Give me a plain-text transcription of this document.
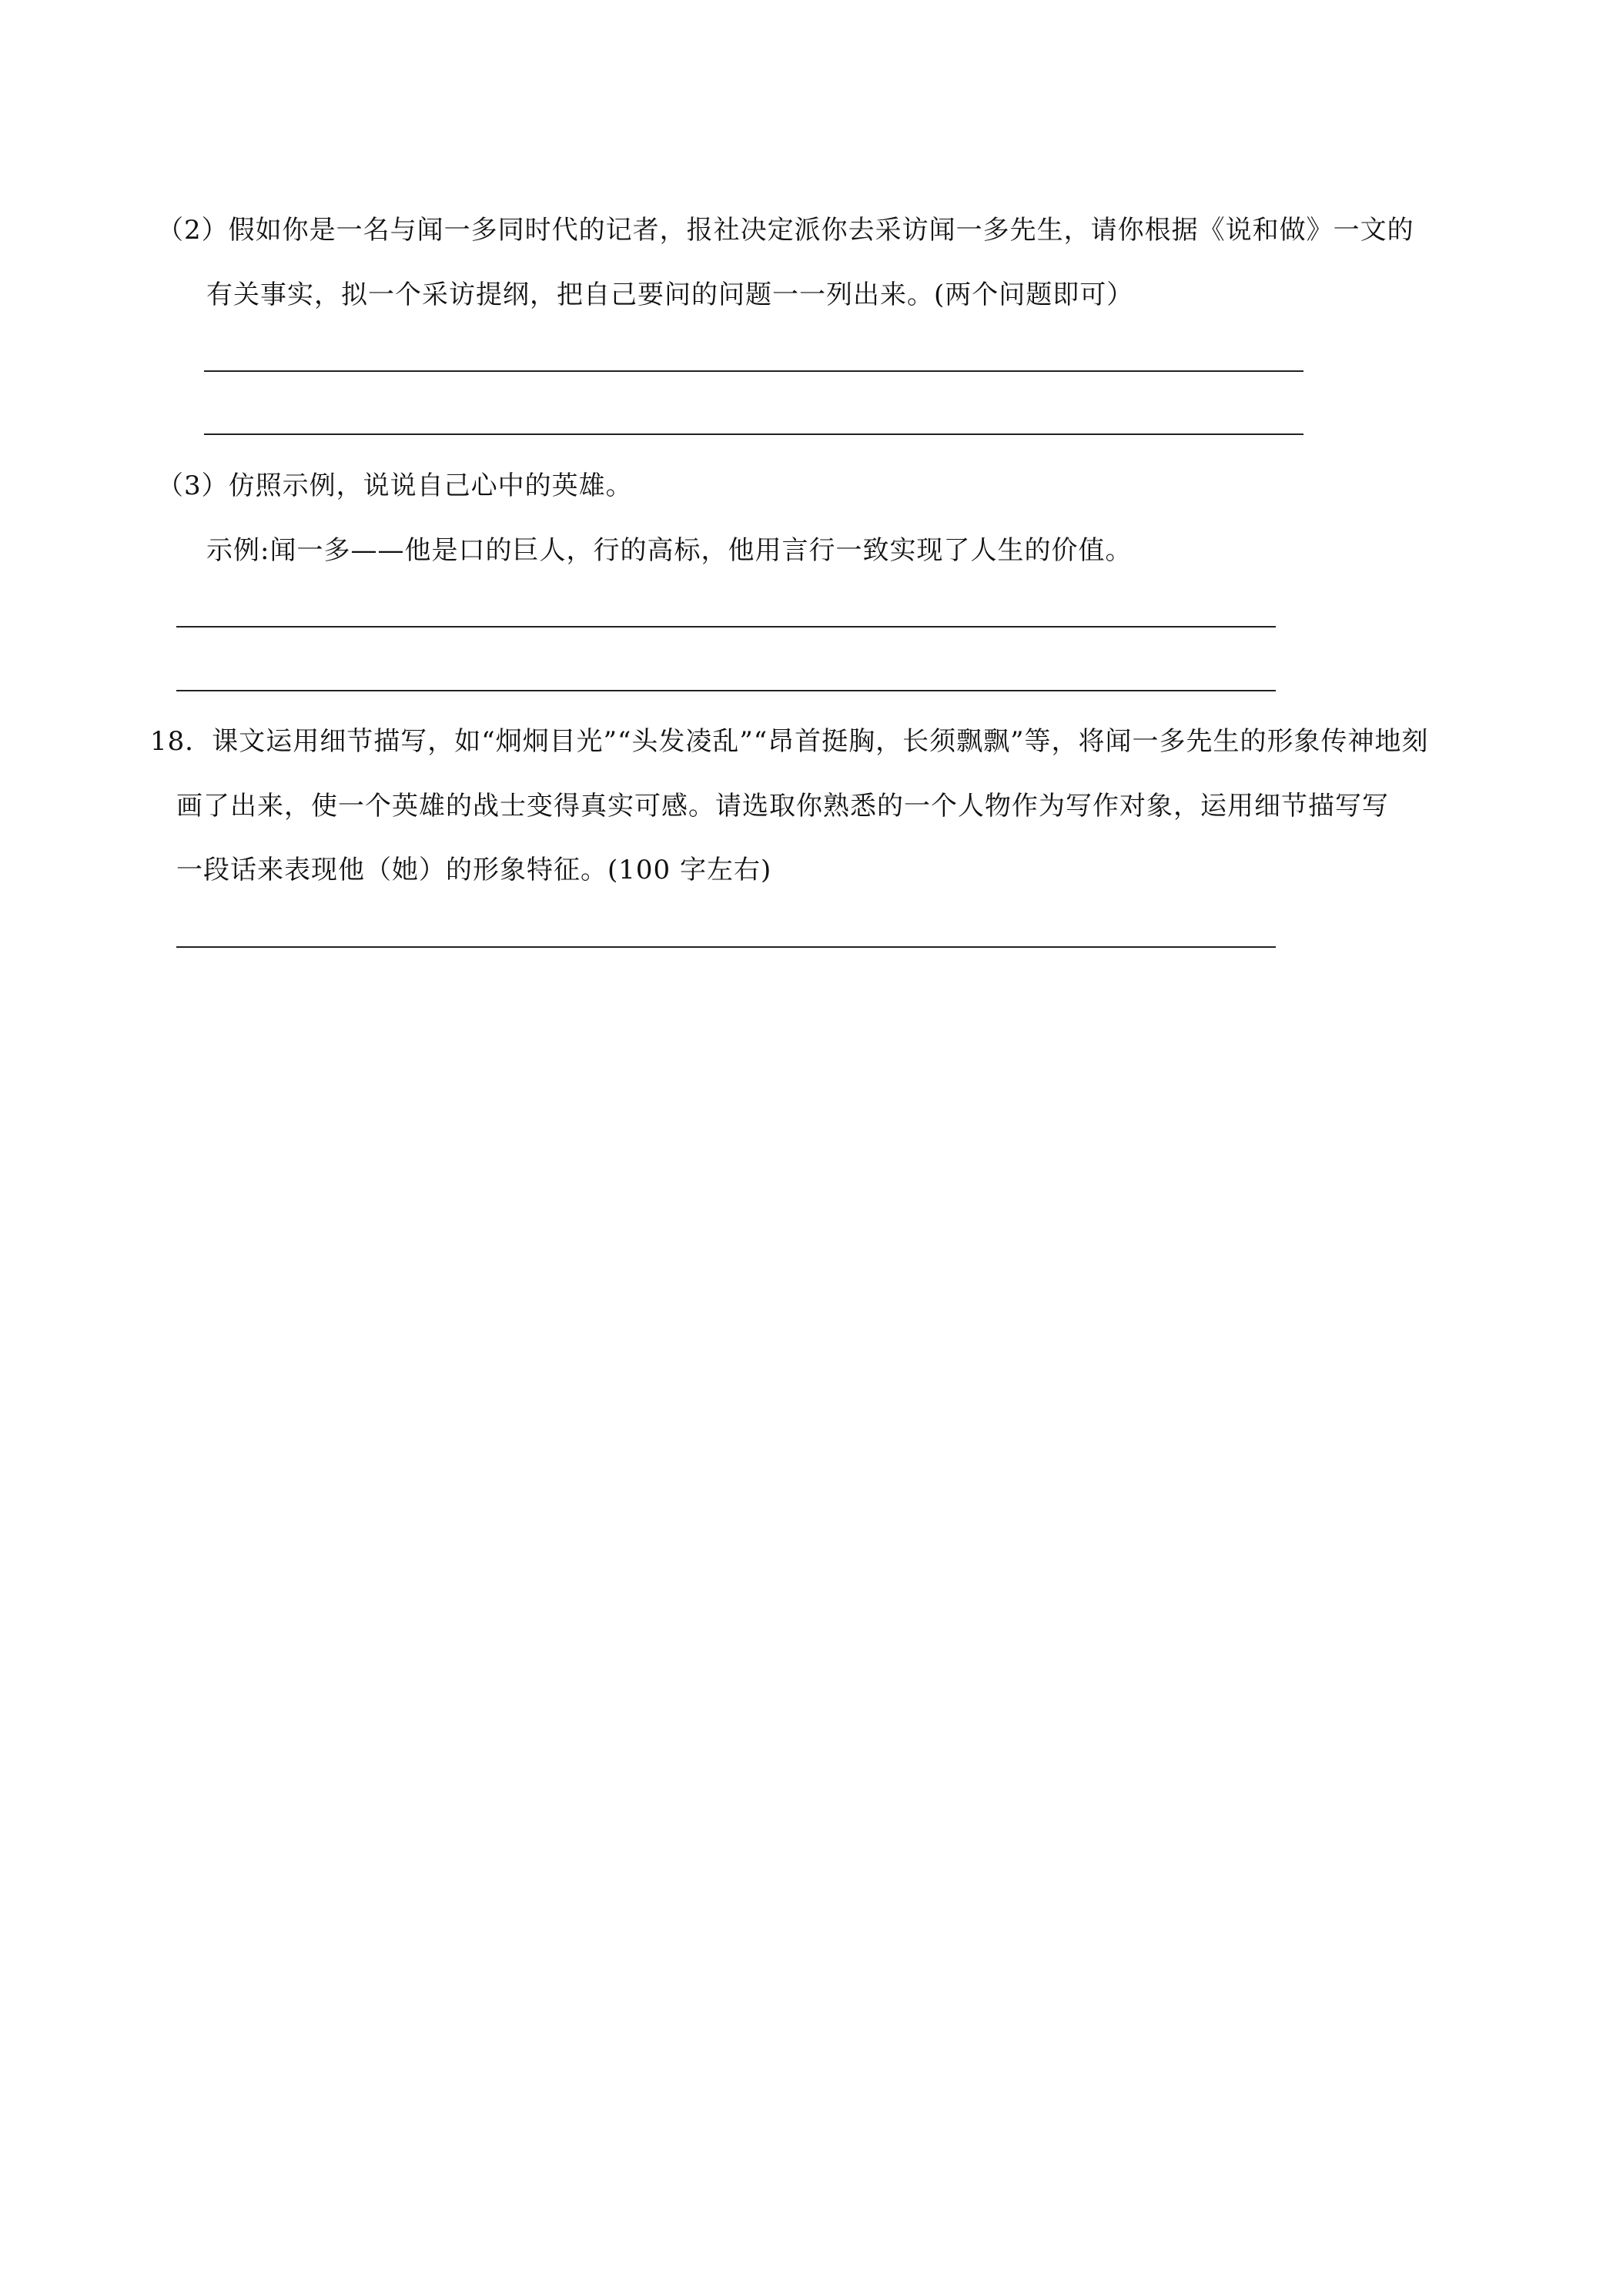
（2）假如你是一名与闻一多同时代的记者，报社决定派你去采访闻一多先生，请你根据《说和做》一文的
有关事实，拟一个采访提纲，把自己要问的问题一一列出来。(两个问题即可）
（3）仿照示例，说说自己心中的英雄。
示例:闻一多——他是口的巨人，行的高标，他用言行一致实现了人生的价值。
18．课文运用细节描写，如“炯炯目光”“头发凌乱”“昂首挺胸，长须飘飘”等，将闻一多先生的形象传神地刻
画了出来，使一个英雄的战士变得真实可感。请选取你熟悉的一个人物作为写作对象，运用细节描写写
一段话来表现他（她）的形象特征。(100 字左右)
